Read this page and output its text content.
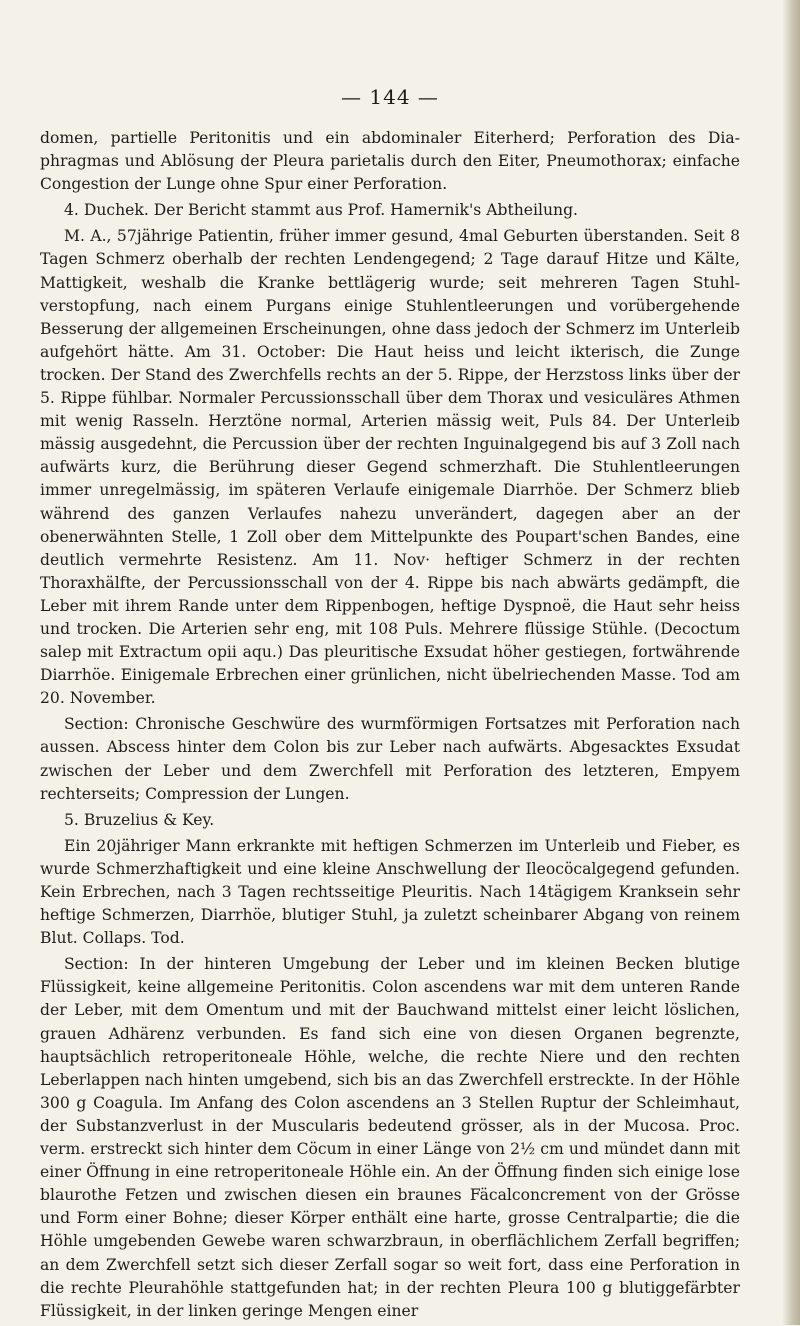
— 144 —

domen, partielle Peritonitis und ein abdominaler Eiterherd; Perforation des Diaphragmas und Ablösung der Pleura parietalis durch den Eiter, Pneumothorax; einfache Congestion der Lunge ohne Spur einer Perforation.

4. Duchek. Der Bericht stammt aus Prof. Hamernik's Abtheilung.

M. A., 57jährige Patientin, früher immer gesund, 4mal Geburten überstanden. Seit 8 Tagen Schmerz oberhalb der rechten Lendengegend; 2 Tage darauf Hitze und Kälte, Mattigkeit, weshalb die Kranke bettlägerig wurde; seit mehreren Tagen Stuhlverstopfung, nach einem Purgans einige Stuhlentleerungen und vorübergehende Besserung der allgemeinen Erscheinungen, ohne dass jedoch der Schmerz im Unterleib aufgehört hätte. Am 31. October: Die Haut heiss und leicht ikterisch, die Zunge trocken. Der Stand des Zwerchfells rechts an der 5. Rippe, der Herzstoss links über der 5. Rippe fühlbar. Normaler Percussionsschall über dem Thorax und vesiculäres Athmen mit wenig Rasseln. Herztöne normal, Arterien mässig weit, Puls 84. Der Unterleib mässig ausgedehnt, die Percussion über der rechten Inguinalgegend bis auf 3 Zoll nach aufwärts kurz, die Berührung dieser Gegend schmerzhaft. Die Stuhlentleerungen immer unregelmässig, im späteren Verlaufe einigemale Diarrhöe. Der Schmerz blieb während des ganzen Verlaufes nahezu unverändert, dagegen aber an der obenerwähnten Stelle, 1 Zoll ober dem Mittelpunkte des Poupart'schen Bandes, eine deutlich vermehrte Resistenz. Am 11. Nov· heftiger Schmerz in der rechten Thoraxhälfte, der Percussionsschall von der 4. Rippe bis nach abwärts gedämpft, die Leber mit ihrem Rande unter dem Rippenbogen, heftige Dyspnoë, die Haut sehr heiss und trocken. Die Arterien sehr eng, mit 108 Puls. Mehrere flüssige Stühle. (Decoctum salep mit Extractum opii aqu.) Das pleuritische Exsudat höher gestiegen, fortwährende Diarrhöe. Einigemale Erbrechen einer grünlichen, nicht übelriechenden Masse. Tod am 20. November.

Section: Chronische Geschwüre des wurmförmigen Fortsatzes mit Perforation nach aussen. Abscess hinter dem Colon bis zur Leber nach aufwärts. Abgesacktes Exsudat zwischen der Leber und dem Zwerchfell mit Perforation des letzteren, Empyem rechterseits; Compression der Lungen.

5. Bruzelius & Key.

Ein 20jähriger Mann erkrankte mit heftigen Schmerzen im Unterleib und Fieber, es wurde Schmerzhaftigkeit und eine kleine Anschwellung der Ileocöcalgegend gefunden. Kein Erbrechen, nach 3 Tagen rechtsseitige Pleuritis. Nach 14tägigem Kranksein sehr heftige Schmerzen, Diarrhöe, blutiger Stuhl, ja zuletzt scheinbarer Abgang von reinem Blut. Collaps. Tod.

Section: In der hinteren Umgebung der Leber und im kleinen Becken blutige Flüssigkeit, keine allgemeine Peritonitis. Colon ascendens war mit dem unteren Rande der Leber, mit dem Omentum und mit der Bauchwand mittelst einer leicht löslichen, grauen Adhärenz verbunden. Es fand sich eine von diesen Organen begrenzte, hauptsächlich retroperitoneale Höhle, welche, die rechte Niere und den rechten Leberlappen nach hinten umgebend, sich bis an das Zwerchfell erstreckte. In der Höhle 300 g Coagula. Im Anfang des Colon ascendens an 3 Stellen Ruptur der Schleimhaut, der Substanzverlust in der Muscularis bedeutend grösser, als in der Mucosa. Proc. verm. erstreckt sich hinter dem Cöcum in einer Länge von 2½ cm und mündet dann mit einer Öffnung in eine retroperitoneale Höhle ein. An der Öffnung finden sich einige lose blaurothe Fetzen und zwischen diesen ein braunes Fäcalconcrement von der Grösse und Form einer Bohne; dieser Körper enthält eine harte, grosse Centralpartie; die die Höhle umgebenden Gewebe waren schwarzbraun, in oberflächlichem Zerfall begriffen; an dem Zwerchfell setzt sich dieser Zerfall sogar so weit fort, dass eine Perforation in die rechte Pleurahöhle stattgefunden hat; in der rechten Pleura 100 g blutiggefärbter Flüssigkeit, in der linken geringe Mengen einer
